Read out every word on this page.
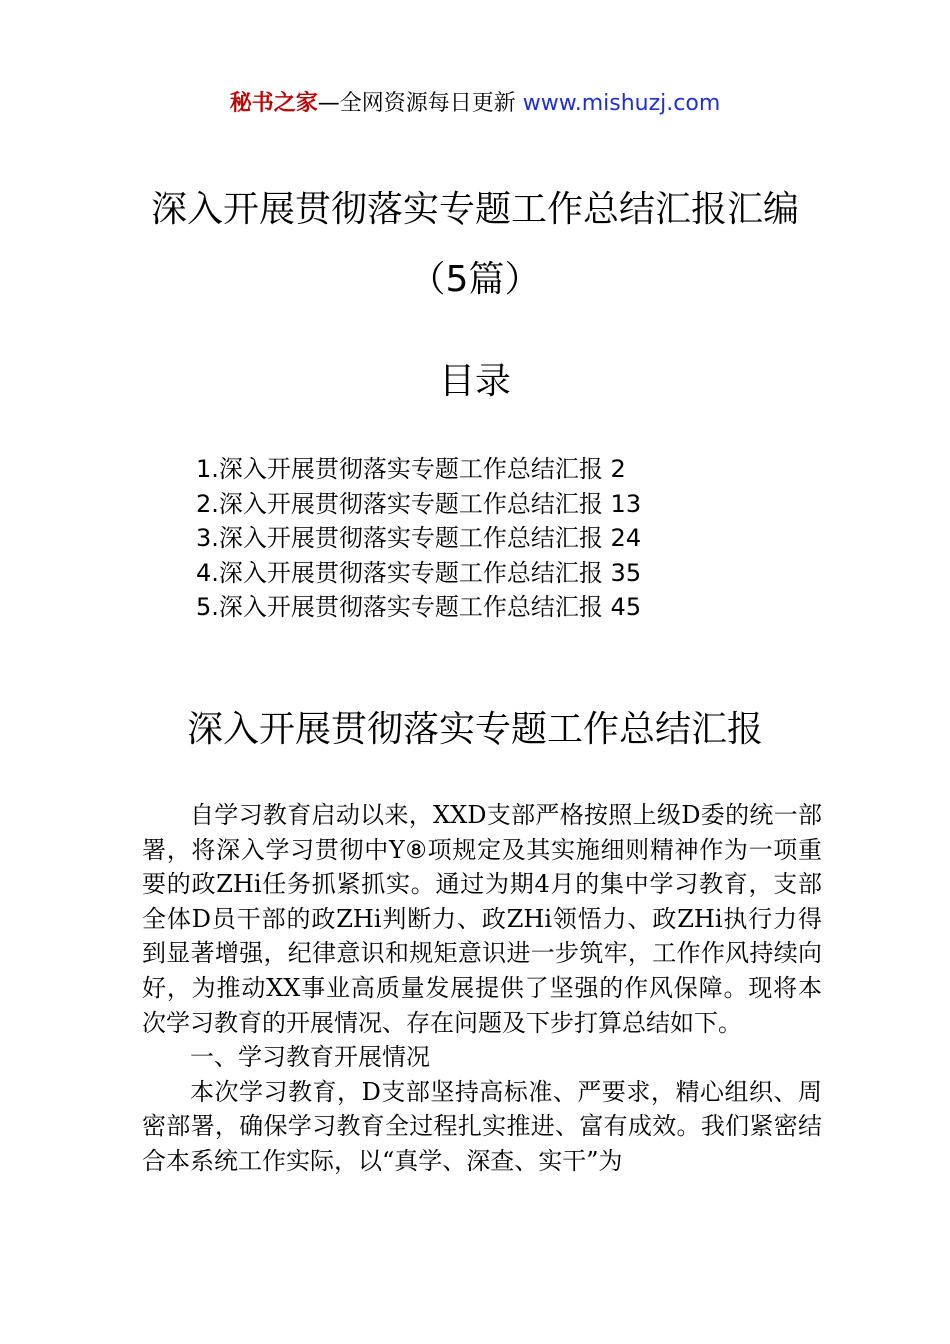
秘书之家—全网资源每日更新 www.mishuzj.com
深入开展贯彻落实专题工作总结汇报汇编
（5篇）
目录
1.深入开展贯彻落实专题工作总结汇报 2
2.深入开展贯彻落实专题工作总结汇报 13
3.深入开展贯彻落实专题工作总结汇报 24
4.深入开展贯彻落实专题工作总结汇报 35
5.深入开展贯彻落实专题工作总结汇报 45
深入开展贯彻落实专题工作总结汇报

自学习教育启动以来，XXD支部严格按照上级D委的统一部署，将深入学习贯彻中Y⑧项规定及其实施细则精神作为一项重要的政ZHi任务抓紧抓实。通过为期4月的集中学习教育，支部全体D员干部的政ZHi判断力、政ZHi领悟力、政ZHi执行力得到显著增强，纪律意识和规矩意识进一步筑牢，工作作风持续向好，为推动XX事业高质量发展提供了坚强的作风保障。现将本次学习教育的开展情况、存在问题及下步打算总结如下。

一、学习教育开展情况

本次学习教育，D支部坚持高标准、严要求，精心组织、周密部署，确保学习教育全过程扎实推进、富有成效。我们紧密结合本系统工作实际，以“真学、深查、实干”为
